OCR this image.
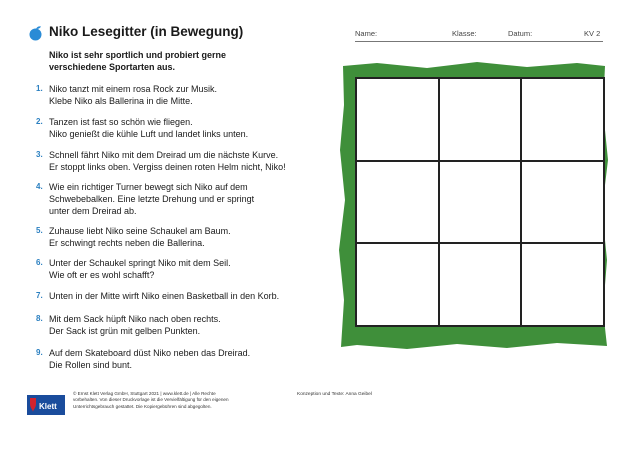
Niko Lesegitter (in Bewegung)	Name:	Klasse:	Datum:	KV 2
Niko ist sehr sportlich und probiert gerne
verschiedene Sportarten aus.
1. Niko tanzt mit einem rosa Rock zur Musik.
Klebe Niko als Ballerina in die Mitte.
2. Tanzen ist fast so schön wie fliegen.
Niko genießt die kühle Luft und landet links unten.
3. Schnell fährt Niko mit dem Dreirad um die nächste Kurve.
Er stoppt links oben. Vergiss deinen roten Helm nicht, Niko!
4. Wie ein richtiger Turner bewegt sich Niko auf dem
Schwebebalken. Eine letzte Drehung und er springt
unter dem Dreirad ab.
5. Zuhause liebt Niko seine Schaukel am Baum.
Er schwingt rechts neben die Ballerina.
6. Unter der Schaukel springt Niko mit dem Seil.
Wie oft er es wohl schafft?
7. Unten in der Mitte wirft Niko einen Basketball in den Korb.
8. Mit dem Sack hüpft Niko nach oben rechts.
Der Sack ist grün mit gelben Punkten.
9. Auf dem Skateboard düst Niko neben das Dreirad.
Die Rollen sind bunt.
Klett
© Ernst Klett Verlag GmbH, Stuttgart 2021 | www.klett.de | Alle Rechte
vorbehalten. Von dieser Druckvorlage ist die Vervielfältigung für den eigenen
Unterrichtsgebrauch gestattet. Die Kopiergebühren sind abgegolten.
Konzeption und Texte: Anna Geibel
